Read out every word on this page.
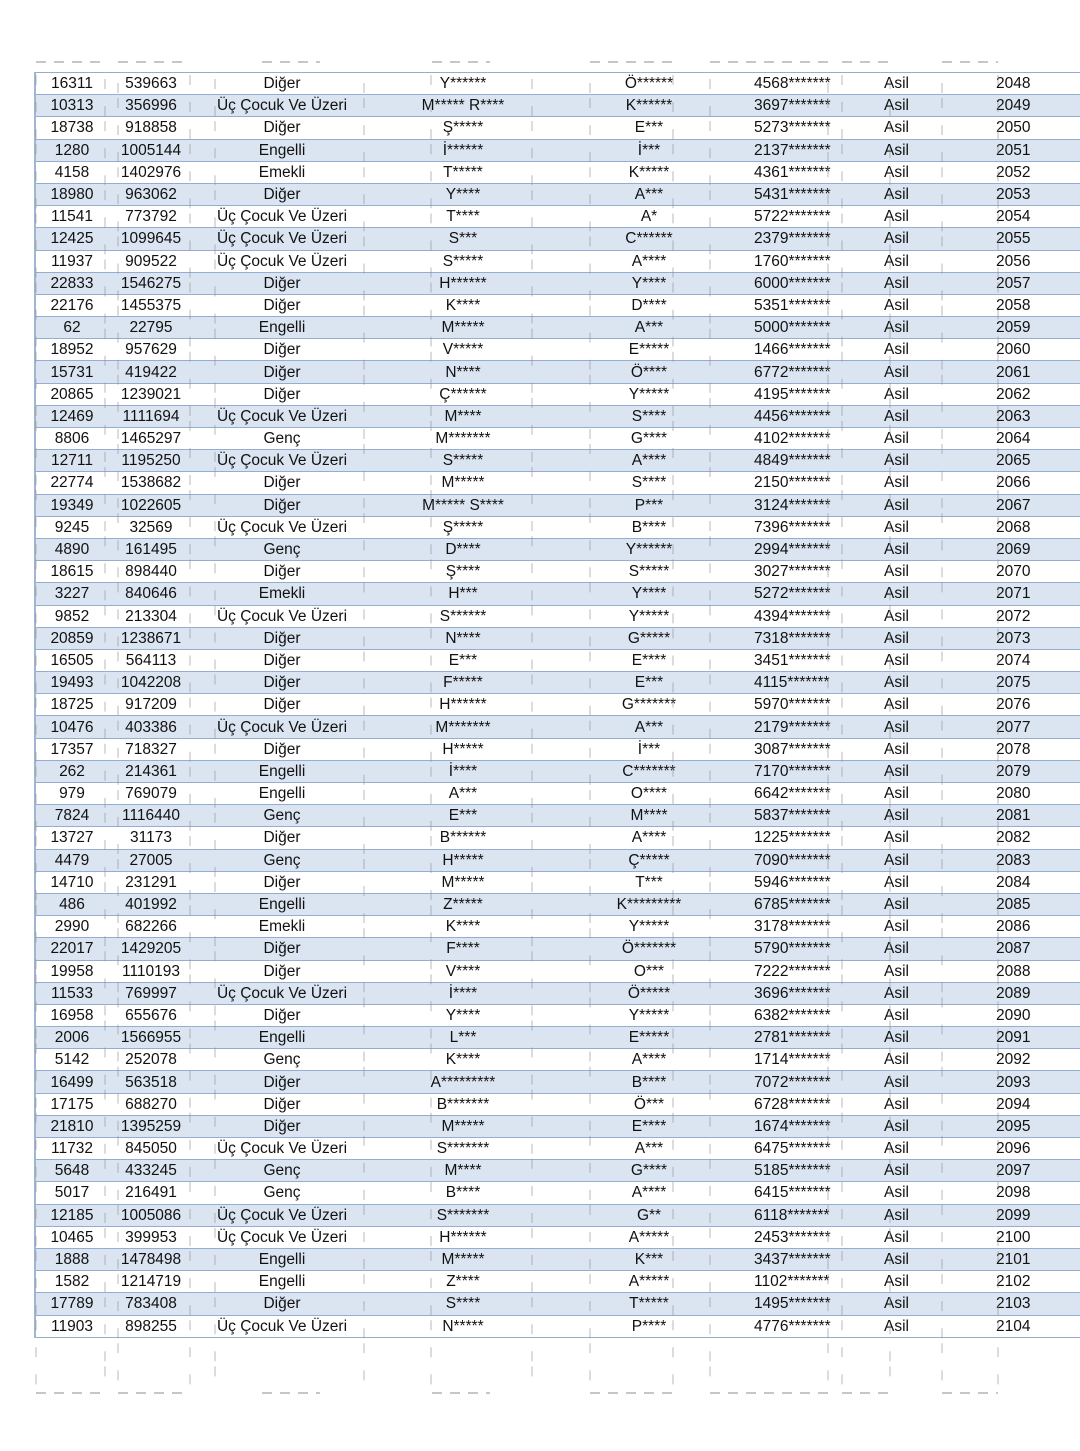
16311	539663	Diğer	Y******	Ö******	4568*******	Asil	2048
10313	356996	Üç Çocuk Ve Üzeri	M***** R****	K******	3697*******	Asil	2049
18738	918858	Diğer	Ş*****	E***	5273*******	Asil	2050
1280	1005144	Engelli	İ******	İ***	2137*******	Asil	2051
4158	1402976	Emekli	T*****	K*****	4361*******	Asil	2052
18980	963062	Diğer	Y****	A***	5431*******	Asil	2053
11541	773792	Üç Çocuk Ve Üzeri	T****	A*	5722*******	Asil	2054
12425	1099645	Üç Çocuk Ve Üzeri	S***	C******	2379*******	Asil	2055
11937	909522	Üç Çocuk Ve Üzeri	S*****	A****	1760*******	Asil	2056
22833	1546275	Diğer	H******	Y****	6000*******	Asil	2057
22176	1455375	Diğer	K****	D****	5351*******	Asil	2058
62	22795	Engelli	M*****	A***	5000*******	Asil	2059
18952	957629	Diğer	V*****	E*****	1466*******	Asil	2060
15731	419422	Diğer	N****	Ö****	6772*******	Asil	2061
20865	1239021	Diğer	Ç******	Y*****	4195*******	Asil	2062
12469	1111694	Üç Çocuk Ve Üzeri	M****	S****	4456*******	Asil	2063
8806	1465297	Genç	M*******	G****	4102*******	Asil	2064
12711	1195250	Üç Çocuk Ve Üzeri	S*****	A****	4849*******	Asil	2065
22774	1538682	Diğer	M*****	S****	2150*******	Asil	2066
19349	1022605	Diğer	M***** S****	P***	3124*******	Asil	2067
9245	32569	Üç Çocuk Ve Üzeri	Ş*****	B****	7396*******	Asil	2068
4890	161495	Genç	D****	Y******	2994*******	Asil	2069
18615	898440	Diğer	Ş****	S*****	3027*******	Asil	2070
3227	840646	Emekli	H***	Y****	5272*******	Asil	2071
9852	213304	Üç Çocuk Ve Üzeri	S******	Y*****	4394*******	Asil	2072
20859	1238671	Diğer	N****	G*****	7318*******	Asil	2073
16505	564113	Diğer	E***	E****	3451*******	Asil	2074
19493	1042208	Diğer	F*****	E***	4115*******	Asil	2075
18725	917209	Diğer	H******	G*******	5970*******	Asil	2076
10476	403386	Üç Çocuk Ve Üzeri	M*******	A***	2179*******	Asil	2077
17357	718327	Diğer	H*****	İ***	3087*******	Asil	2078
262	214361	Engelli	İ****	C*******	7170*******	Asil	2079
979	769079	Engelli	A***	O****	6642*******	Asil	2080
7824	1116440	Genç	E***	M****	5837*******	Asil	2081
13727	31173	Diğer	B******	A****	1225*******	Asil	2082
4479	27005	Genç	H*****	Ç*****	7090*******	Asil	2083
14710	231291	Diğer	M*****	T***	5946*******	Asil	2084
486	401992	Engelli	Z*****	K*********	6785*******	Asil	2085
2990	682266	Emekli	K****	Y*****	3178*******	Asil	2086
22017	1429205	Diğer	F****	Ö*******	5790*******	Asil	2087
19958	1110193	Diğer	V****	O***	7222*******	Asil	2088
11533	769997	Üç Çocuk Ve Üzeri	İ****	Ö*****	3696*******	Asil	2089
16958	655676	Diğer	Y****	Y*****	6382*******	Asil	2090
2006	1566955	Engelli	L***	E*****	2781*******	Asil	2091
5142	252078	Genç	K****	A****	1714*******	Asil	2092
16499	563518	Diğer	A*********	B****	7072*******	Asil	2093
17175	688270	Diğer	B*******	Ö***	6728*******	Asil	2094
21810	1395259	Diğer	M*****	E****	1674*******	Asil	2095
11732	845050	Üç Çocuk Ve Üzeri	S*******	A***	6475*******	Asil	2096
5648	433245	Genç	M****	G****	5185*******	Asil	2097
5017	216491	Genç	B****	A****	6415*******	Asil	2098
12185	1005086	Üç Çocuk Ve Üzeri	S*******	G**	6118*******	Asil	2099
10465	399953	Üç Çocuk Ve Üzeri	H******	A*****	2453*******	Asil	2100
1888	1478498	Engelli	M*****	K***	3437*******	Asil	2101
1582	1214719	Engelli	Z****	A*****	1102*******	Asil	2102
17789	783408	Diğer	S****	T*****	1495*******	Asil	2103
11903	898255	Üç Çocuk Ve Üzeri	N*****	P****	4776*******	Asil	2104
